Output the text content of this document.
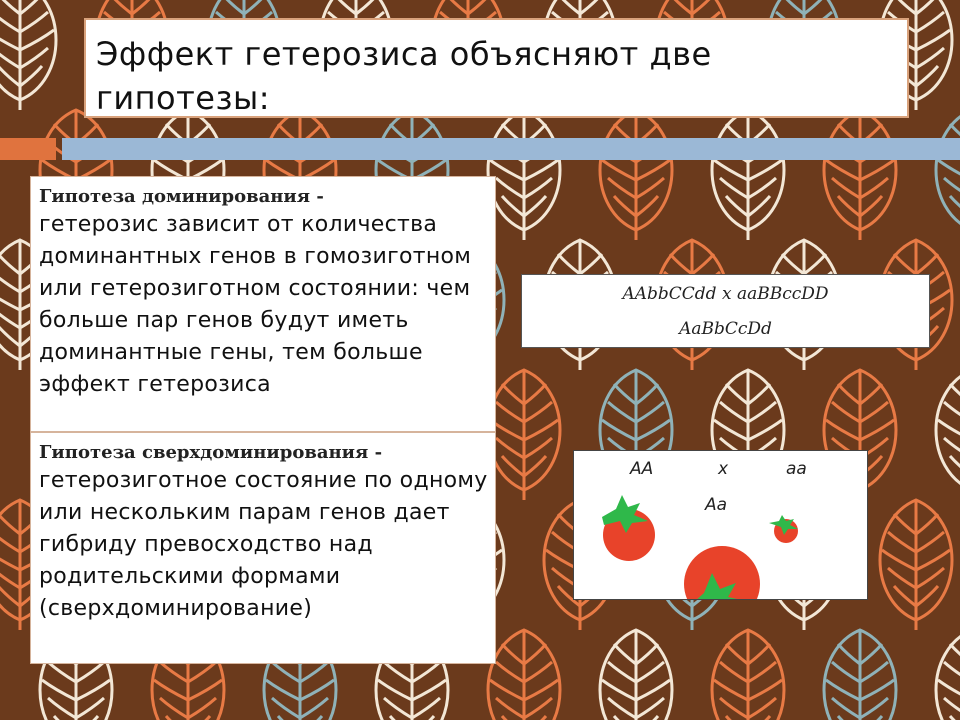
Эффект гетерозиса объясняют две гипотезы:

Гипотеза доминирования -
гетерозис зависит от количества доминантных генов в гомозиготном или гетерозиготном состоянии: чем больше пар генов будут иметь доминантные гены, тем больше эффект гетерозиса
Гипотеза сверхдоминирования -
гетерозиготное состояние по одному или нескольким парам генов дает гибриду превосходство над родительскими формами (сверхдоминирование)
AAbbCCdd x aaBBccDD
AaBbCcDd
AA	x	aa
Aa
